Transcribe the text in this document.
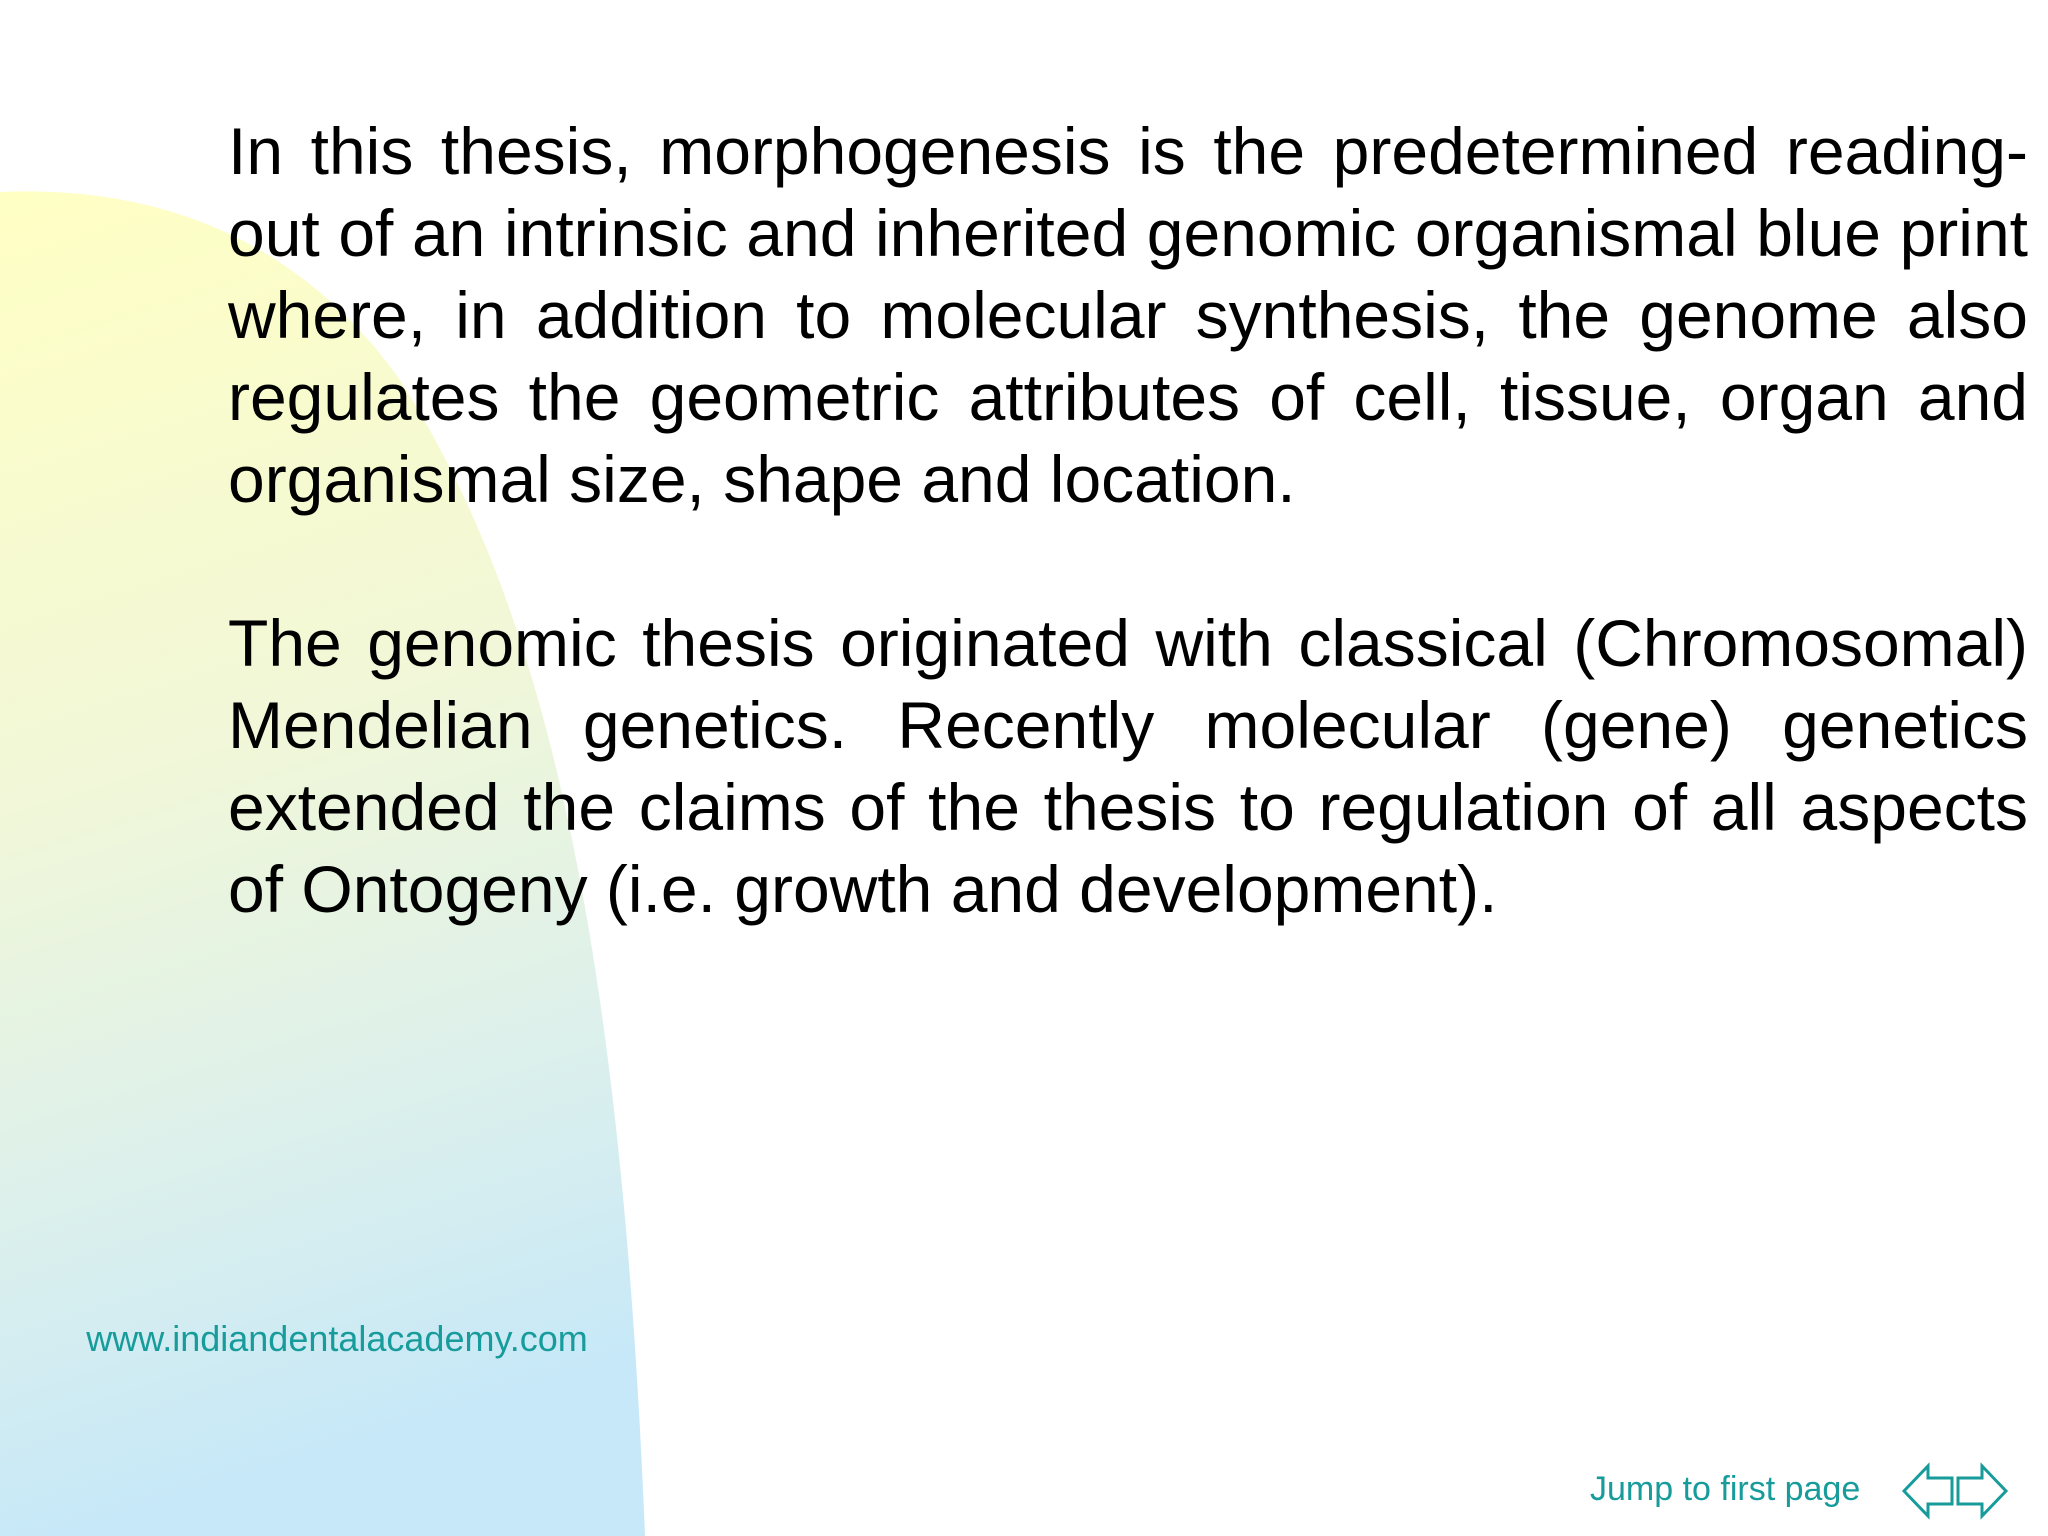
In this thesis, morphogenesis is the predetermined reading-out of an intrinsic and inherited genomic organismal blue print where, in addition to molecular synthesis, the genome also regulates the geometric attributes of cell, tissue, organ and organismal size, shape and location.

The genomic thesis originated with classical (Chromosomal) Mendelian genetics. Recently molecular (gene) genetics extended the claims of the thesis to regulation of all aspects of Ontogeny (i.e. growth and development).

www.indiandentalacademy.com
Jump to first page
